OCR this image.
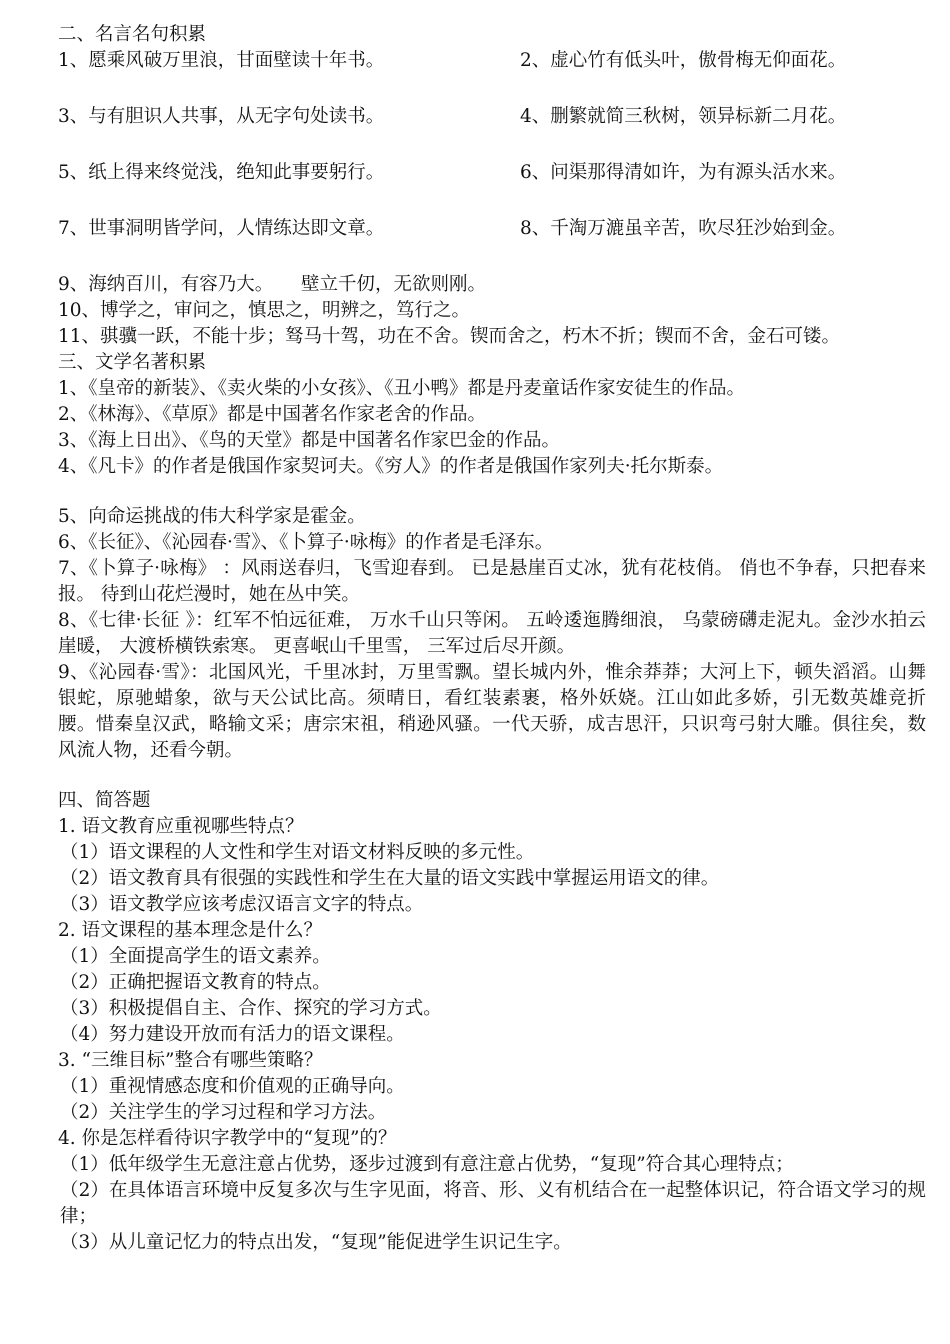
二、名言名句积累
1、愿乘风破万里浪，甘面壁读十年书。	2、虚心竹有低头叶，傲骨梅无仰面花。
3、与有胆识人共事，从无字句处读书。	4、删繁就简三秋树，领异标新二月花。
5、纸上得来终觉浅，绝知此事要躬行。	6、问渠那得清如许，为有源头活水来。
7、世事洞明皆学问，人情练达即文章。	8、千淘万漉虽辛苦，吹尽狂沙始到金。
9、海纳百川，有容乃大。　　壁立千仞，无欲则刚。
10、博学之，审问之，慎思之，明辨之，笃行之。
11、骐骥一跃，不能十步；驽马十驾，功在不舍。锲而舍之，朽木不折；锲而不舍，金石可镂。
三、文学名著积累
1、《皇帝的新装》、《卖火柴的小女孩》、《丑小鸭》都是丹麦童话作家安徒生的作品。
2、《林海》、《草原》都是中国著名作家老舍的作品。
3、《海上日出》、《鸟的天堂》都是中国著名作家巴金的作品。
4、《凡卡》的作者是俄国作家契诃夫。《穷人》的作者是俄国作家列夫·托尔斯泰。
5、向命运挑战的伟大科学家是霍金。
6、《长征》、《沁园春·雪》、《卜算子·咏梅》的作者是毛泽东。
7、《卜算子·咏梅》 ：风雨送春归，飞雪迎春到。 已是悬崖百丈冰，犹有花枝俏。 俏也不争春，只把春来报。 待到山花烂漫时，她在丛中笑。
8、《七律·长征 》：红军不怕远征难， 万水千山只等闲。 五岭逶迤腾细浪， 乌蒙磅礴走泥丸。金沙水拍云崖暖， 大渡桥横铁索寒。 更喜岷山千里雪， 三军过后尽开颜。
9、《沁园春·雪》：北国风光，千里冰封，万里雪飘。望长城内外，惟余莽莽；大河上下，顿失滔滔。山舞银蛇，原驰蜡象，欲与天公试比高。须晴日，看红装素裹，格外妖娆。江山如此多娇，引无数英雄竞折腰。惜秦皇汉武，略输文采；唐宗宋祖，稍逊风骚。一代天骄，成吉思汗，只识弯弓射大雕。俱往矣，数风流人物，还看今朝。
四、简答题
1. 语文教育应重视哪些特点？
（1）语文课程的人文性和学生对语文材料反映的多元性。
（2）语文教育具有很强的实践性和学生在大量的语文实践中掌握运用语文的律。
（3）语文教学应该考虑汉语言文字的特点。
2. 语文课程的基本理念是什么？
（1）全面提高学生的语文素养。
（2）正确把握语文教育的特点。
（3）积极提倡自主、合作、探究的学习方式。
（4）努力建设开放而有活力的语文课程。
3. “三维目标”整合有哪些策略？
（1）重视情感态度和价值观的正确导向。
（2）关注学生的学习过程和学习方法。
4. 你是怎样看待识字教学中的“复现”的？
（1）低年级学生无意注意占优势，逐步过渡到有意注意占优势，“复现”符合其心理特点；
（2）在具体语言环境中反复多次与生字见面，将音、形、义有机结合在一起整体识记，符合语文学习的规律；
（3）从儿童记忆力的特点出发，“复现”能促进学生识记生字。
